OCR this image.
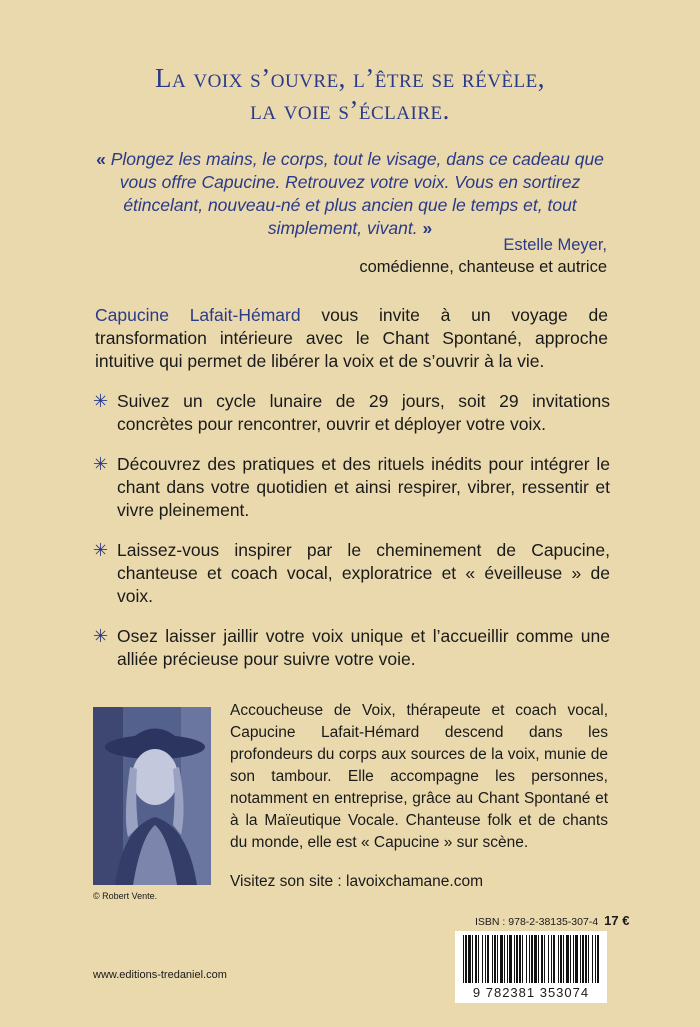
La voix s’ouvre, l’être se révèle,
la voie s’éclaire.
« Plongez les mains, le corps, tout le visage, dans ce cadeau que vous offre Capucine. Retrouvez votre voix. Vous en sortirez étincelant, nouveau-né et plus ancien que le temps et, tout simplement, vivant. »
Estelle Meyer,
comédienne, chanteuse et autrice
Capucine Lafait-Hémard vous invite à un voyage de transformation intérieure avec le Chant Spontané, approche intuitive qui permet de libérer la voix et de s’ouvrir à la vie.
✳ Suivez un cycle lunaire de 29 jours, soit 29 invitations concrètes pour rencontrer, ouvrir et déployer votre voix.
✳ Découvrez des pratiques et des rituels inédits pour intégrer le chant dans votre quotidien et ainsi respirer, vibrer, ressentir et vivre pleinement.
✳ Laissez-vous inspirer par le cheminement de Capucine, chanteuse et coach vocal, exploratrice et « éveilleuse » de voix.
✳ Osez laisser jaillir votre voix unique et l’accueillir comme une alliée précieuse pour suivre votre voie.
© Robert Vente.
Accoucheuse de Voix, thérapeute et coach vocal, Capucine Lafait-Hémard descend dans les profondeurs du corps aux sources de la voix, munie de son tambour. Elle accompagne les personnes, notamment en entreprise, grâce au Chant Spontané et à la Maïeutique Vocale. Chanteuse folk et de chants du monde, elle est « Capucine » sur scène.
Visitez son site : lavoixchamane.com
ISBN : 978-2-38135-307-4 17 €
9 782381 353074
www.editions-tredaniel.com
